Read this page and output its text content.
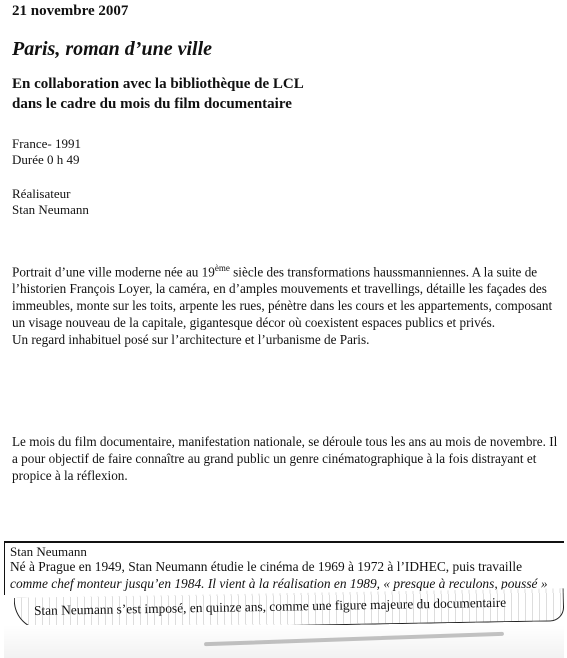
21 novembre 2007
Paris, roman d’une ville
En collaboration avec la bibliothèque de LCL
dans le cadre du mois du film documentaire
France- 1991
Durée 0 h 49
Réalisateur
Stan Neumann
Portrait d’une ville moderne née au 19ème siècle des transformations haussmanniennes. A la suite de l’historien François Loyer, la caméra, en d’amples mouvements et travellings, détaille les façades des immeubles, monte sur les toits, arpente les rues, pénètre dans les cours et les appartements, composant un visage nouveau de la capitale, gigantesque décor où coexistent espaces publics et privés.
Un regard inhabituel posé sur l’architecture et l’urbanisme de Paris.
Le mois du film documentaire, manifestation nationale, se déroule tous les ans au mois de novembre. Il a pour objectif de faire connaître au grand public un genre cinématographique à la fois distrayant et propice à la réflexion.
Stan Neumann
Né à Prague en 1949, Stan Neumann étudie le cinéma de 1969 à 1972 à l’IDHEC, puis travaille
comme chef monteur jusqu’en 1984. Il vient à la réalisation en 1989, « presque à reculons, poussé »
Stan Neumann s’est imposé, en quinze ans, comme une figure majeure du documentaire
